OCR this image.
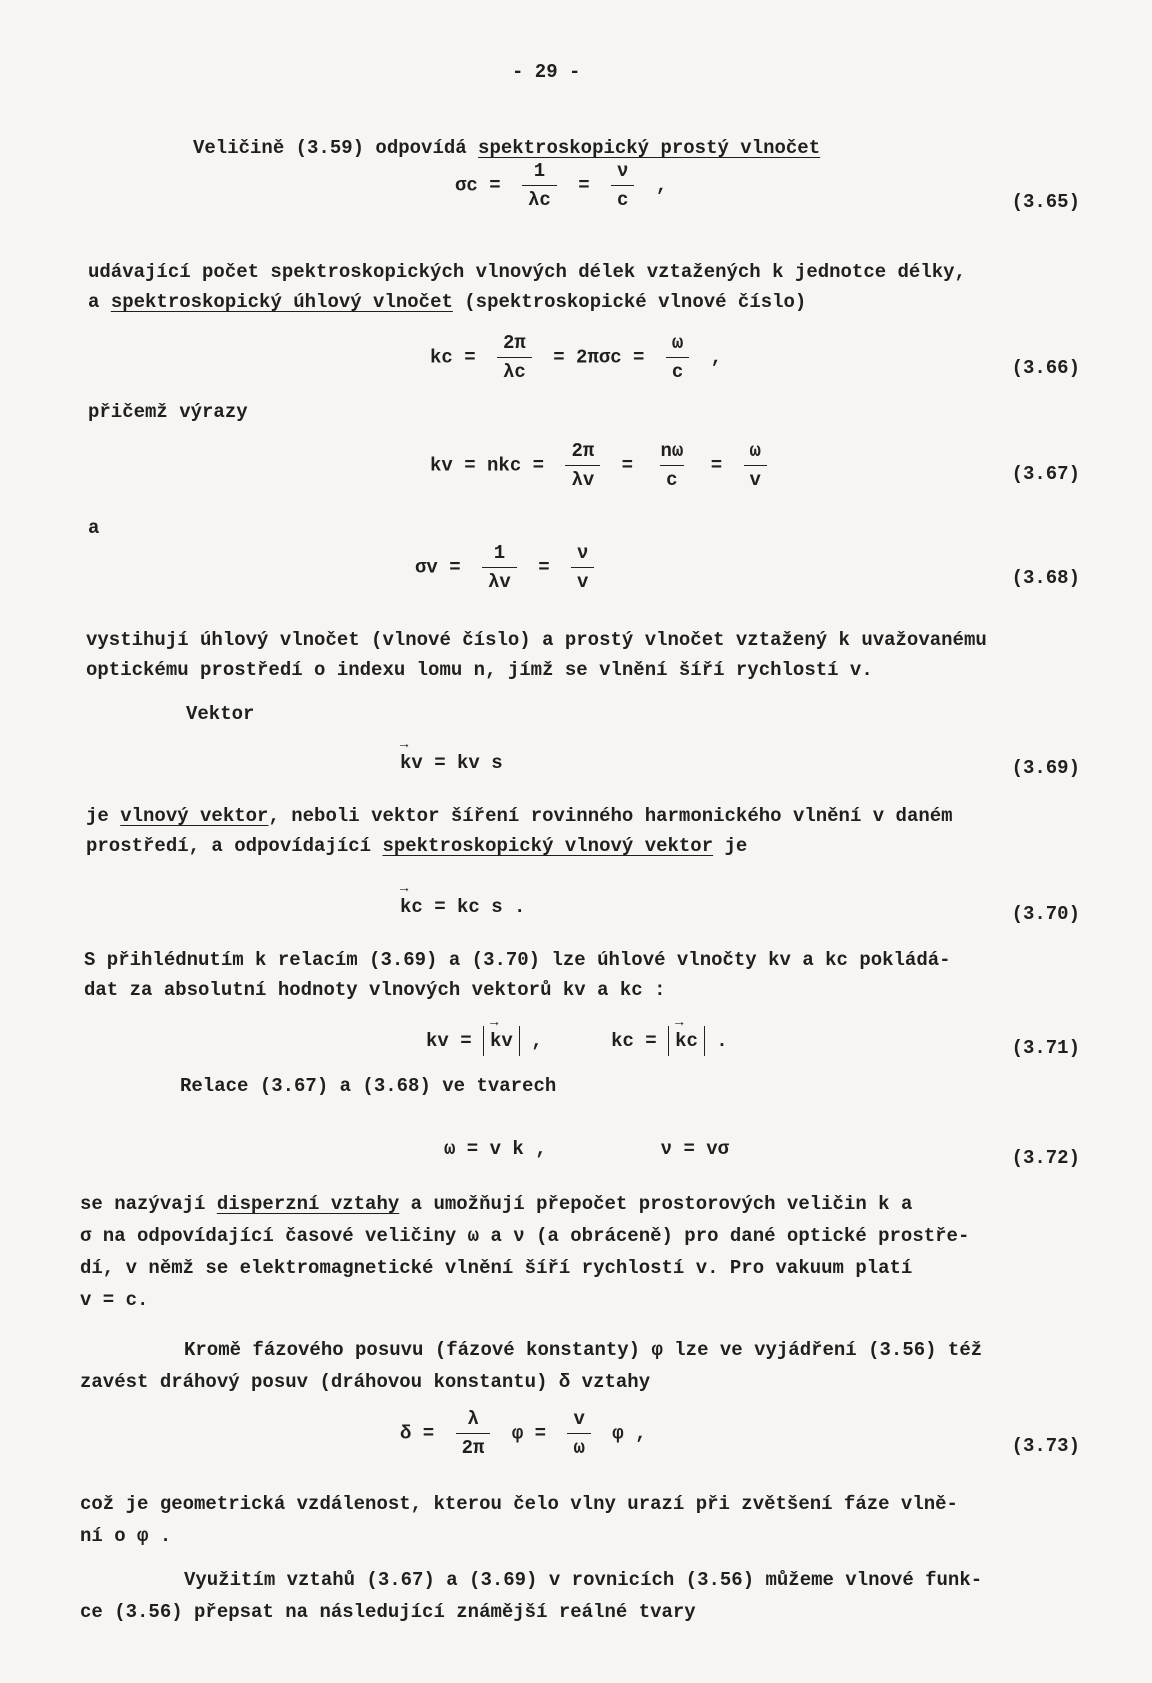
- 29 -
Veličině (3.59) odpovídá spektroskopický prostý vlnočet
$\sigma c = \frac{1}{\lambda c} = \frac{\nu}{c}$ ,
(3.65)
udávající počet spektroskopických vlnových délek vztažených k jednotce délky,
a spektroskopický úhlový vlnočet (spektroskopické vlnové číslo)
kc = $\frac{2\pi}{\lambda c} = 2\pi\sigma c = \frac{\omega}{c}$ ,	(3.66)
přičemž výrazy
kv = nkc = $\frac{2\pi}{\lambda v} = \frac{n\omega}{c} = \frac{\omega}{v}$	(3.67)
a
$\sigma v = \frac{1}{\lambda v} = \frac{\nu}{v}$	(3.68)
vystihují úhlový vlnočet (vlnové číslo) a prostý vlnočet vztažený k uvažovanému
optickému prostředí o indexu lomu n, jímž se vlnění šíří rychlostí v.
Vektor
→ kv = kv s	(3.69)
je vlnový vektor, neboli vektor šíření rovinného harmonického vlnění v daném
prostředí, a odpovídající spektroskopický vlnový vektor je
→ kc = kc s .	(3.70)
S přihlédnutím k relacím (3.69) a (3.70) lze úhlové vlnočty kv a kc pokládá-
dat za absolutní hodnoty vlnových vektorů kv a kc :
kv = → kv ,	kc = → kc .	(3.71)
Relace (3.67) a (3.68) ve tvarech
ω = v k ,	ν = vσ	(3.72)
se nazývají disperzní vztahy a umožňují přepočet prostorových veličin k a
σ na odpovídající časové veličiny ω a ν (a obráceně) pro dané optické prostře-
dí, v němž se elektromagnetické vlnění šíří rychlostí v. Pro vakuum platí
v = c.
Kromě fázového posuvu (fázové konstanty) φ lze ve vyjádření (3.56) též
zavést dráhový posuv (dráhovou konstantu) δ vztahy
$\delta = \frac{\lambda}{2\pi}$ $\varphi = \frac{v}{\omega}$ φ ,
(3.73)
což je geometrická vzdálenost, kterou čelo vlny urazí při zvětšení fáze vlně-
ní o φ .
Využitím vztahů (3.67) a (3.69) v rovnicích (3.56) můžeme vlnové funk-
ce (3.56) přepsat na následující známější reálné tvary
